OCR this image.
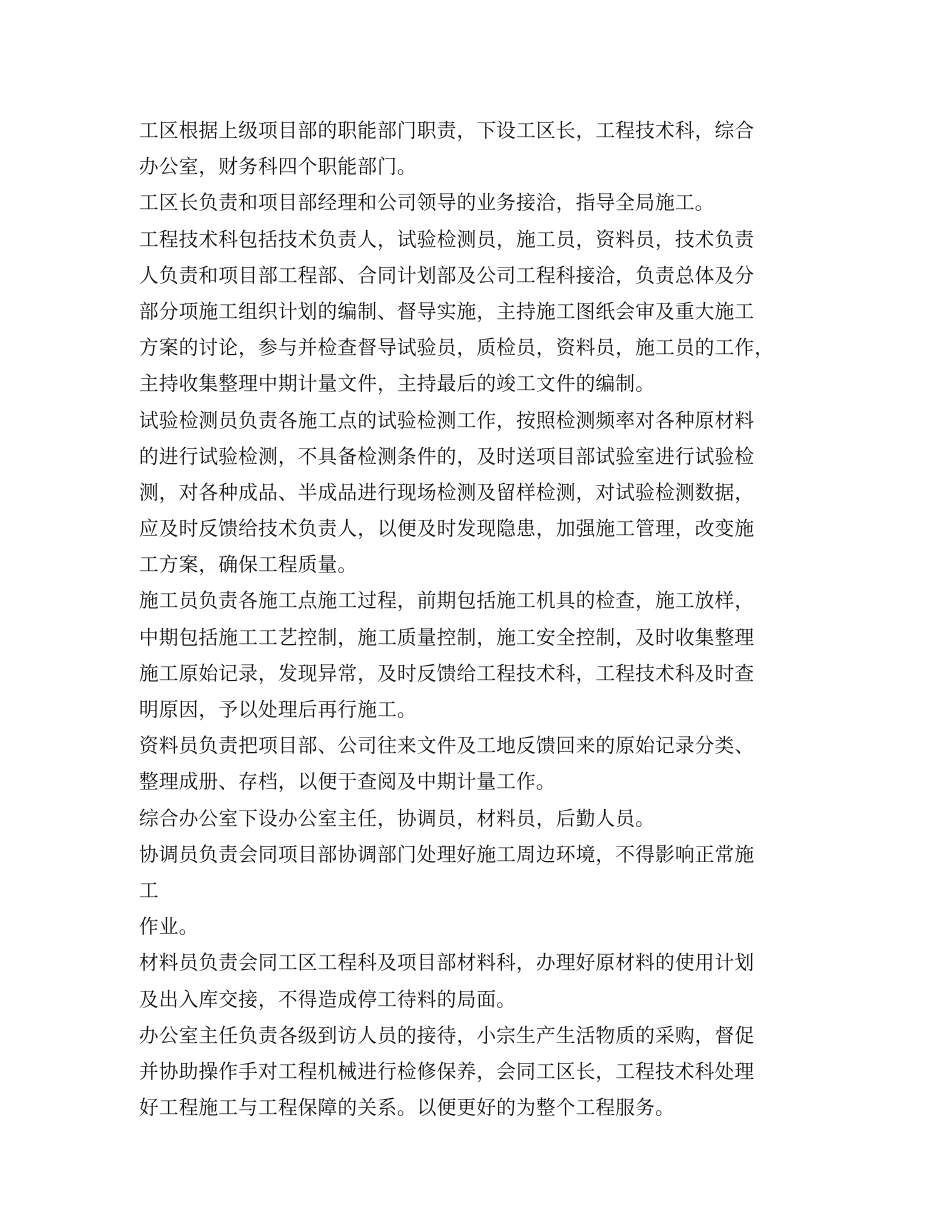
工区根据上级项目部的职能部门职责，下设工区长，工程技术科，综合
办公室，财务科四个职能部门。
工区长负责和项目部经理和公司领导的业务接洽，指导全局施工。
工程技术科包括技术负责人，试验检测员，施工员，资料员，技术负责
人负责和项目部工程部、合同计划部及公司工程科接洽，负责总体及分
部分项施工组织计划的编制、督导实施，主持施工图纸会审及重大施工
方案的讨论，参与并检查督导试验员，质检员，资料员，施工员的工作，
主持收集整理中期计量文件，主持最后的竣工文件的编制。
试验检测员负责各施工点的试验检测工作，按照检测频率对各种原材料
的进行试验检测，不具备检测条件的，及时送项目部试验室进行试验检
测，对各种成品、半成品进行现场检测及留样检测，对试验检测数据，
应及时反馈给技术负责人，以便及时发现隐患，加强施工管理，改变施
工方案，确保工程质量。
施工员负责各施工点施工过程，前期包括施工机具的检查，施工放样，
中期包括施工工艺控制，施工质量控制，施工安全控制，及时收集整理
施工原始记录，发现异常，及时反馈给工程技术科，工程技术科及时查
明原因，予以处理后再行施工。
资料员负责把项目部、公司往来文件及工地反馈回来的原始记录分类、
整理成册、存档，以便于查阅及中期计量工作。
综合办公室下设办公室主任，协调员，材料员，后勤人员。
协调员负责会同项目部协调部门处理好施工周边环境，不得影响正常施
工
作业。
材料员负责会同工区工程科及项目部材料科，办理好原材料的使用计划
及出入库交接，不得造成停工待料的局面。
办公室主任负责各级到访人员的接待，小宗生产生活物质的采购，督促
并协助操作手对工程机械进行检修保养，会同工区长，工程技术科处理
好工程施工与工程保障的关系。以便更好的为整个工程服务。
